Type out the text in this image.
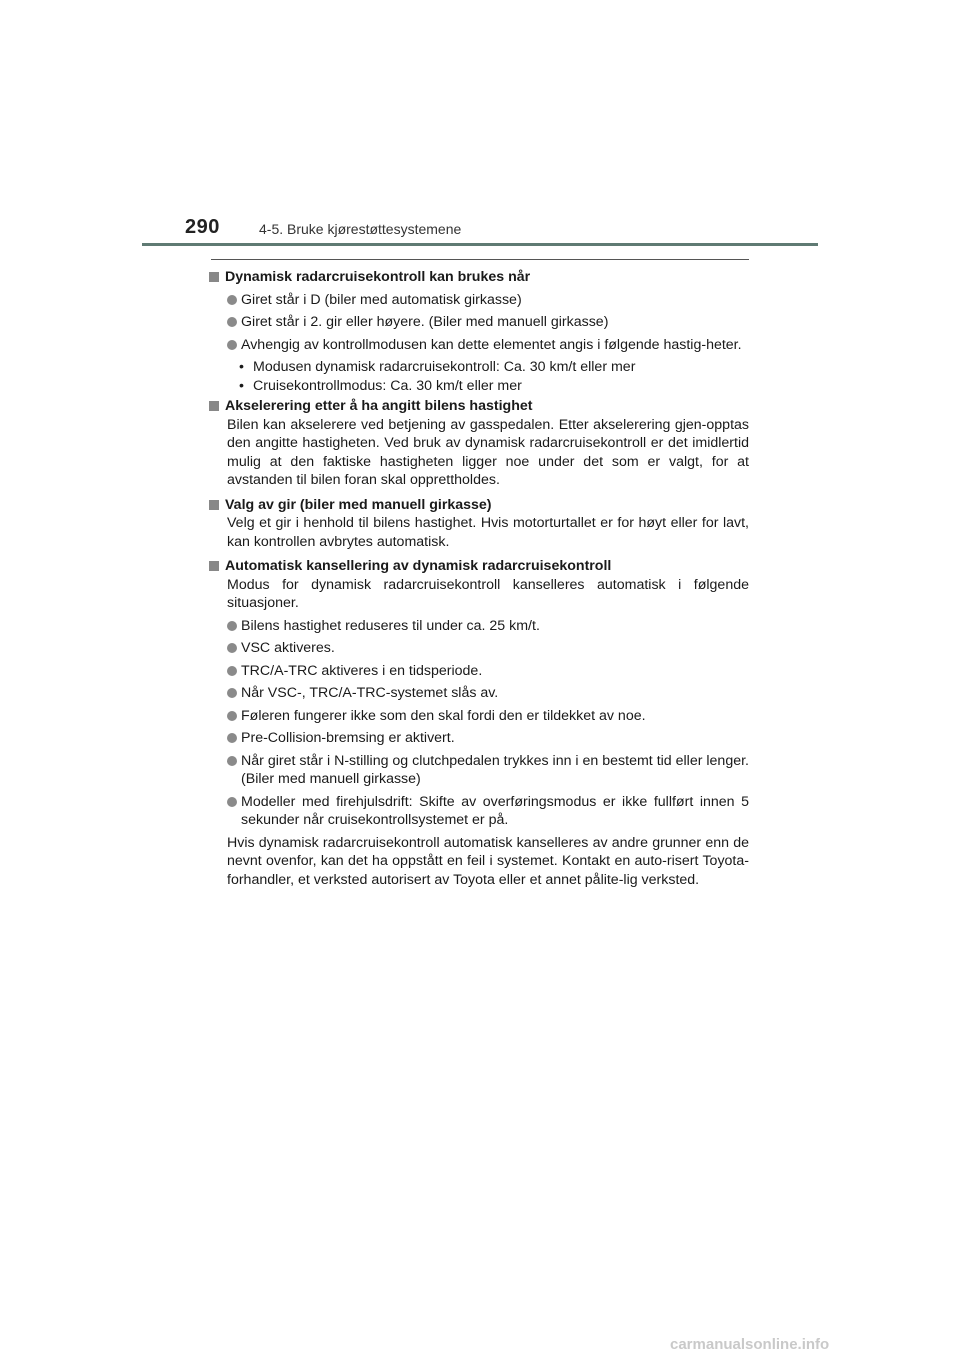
290	4-5. Bruke kjørestøttesystemene
Dynamisk radarcruisekontroll kan brukes når
Giret står i D (biler med automatisk girkasse)
Giret står i 2. gir eller høyere. (Biler med manuell girkasse)
Avhengig av kontrollmodusen kan dette elementet angis i følgende hastig-heter.
• Modusen dynamisk radarcruisekontroll: Ca. 30 km/t eller mer
• Cruisekontrollmodus: Ca. 30 km/t eller mer
Akselerering etter å ha angitt bilens hastighet
Bilen kan akselerere ved betjening av gasspedalen. Etter akselerering gjen-opptas den angitte hastigheten. Ved bruk av dynamisk radarcruisekontroll er det imidlertid mulig at den faktiske hastigheten ligger noe under det som er valgt, for at avstanden til bilen foran skal opprettholdes.
Valg av gir (biler med manuell girkasse)
Velg et gir i henhold til bilens hastighet. Hvis motorturtallet er for høyt eller for lavt, kan kontrollen avbrytes automatisk.
Automatisk kansellering av dynamisk radarcruisekontroll
Modus for dynamisk radarcruisekontroll kanselleres automatisk i følgende situasjoner.
Bilens hastighet reduseres til under ca. 25 km/t.
VSC aktiveres.
TRC/A-TRC aktiveres i en tidsperiode.
Når VSC-, TRC/A-TRC-systemet slås av.
Føleren fungerer ikke som den skal fordi den er tildekket av noe.
Pre-Collision-bremsing er aktivert.
Når giret står i N-stilling og clutchpedalen trykkes inn i en bestemt tid eller lenger. (Biler med manuell girkasse)
Modeller med firehjulsdrift: Skifte av overføringsmodus er ikke fullført innen 5 sekunder når cruisekontrollsystemet er på.
Hvis dynamisk radarcruisekontroll automatisk kanselleres av andre grunner enn de nevnt ovenfor, kan det ha oppstått en feil i systemet. Kontakt en auto-risert Toyota-forhandler, et verksted autorisert av Toyota eller et annet pålite-lig verksted.
carmanualsonline.info
